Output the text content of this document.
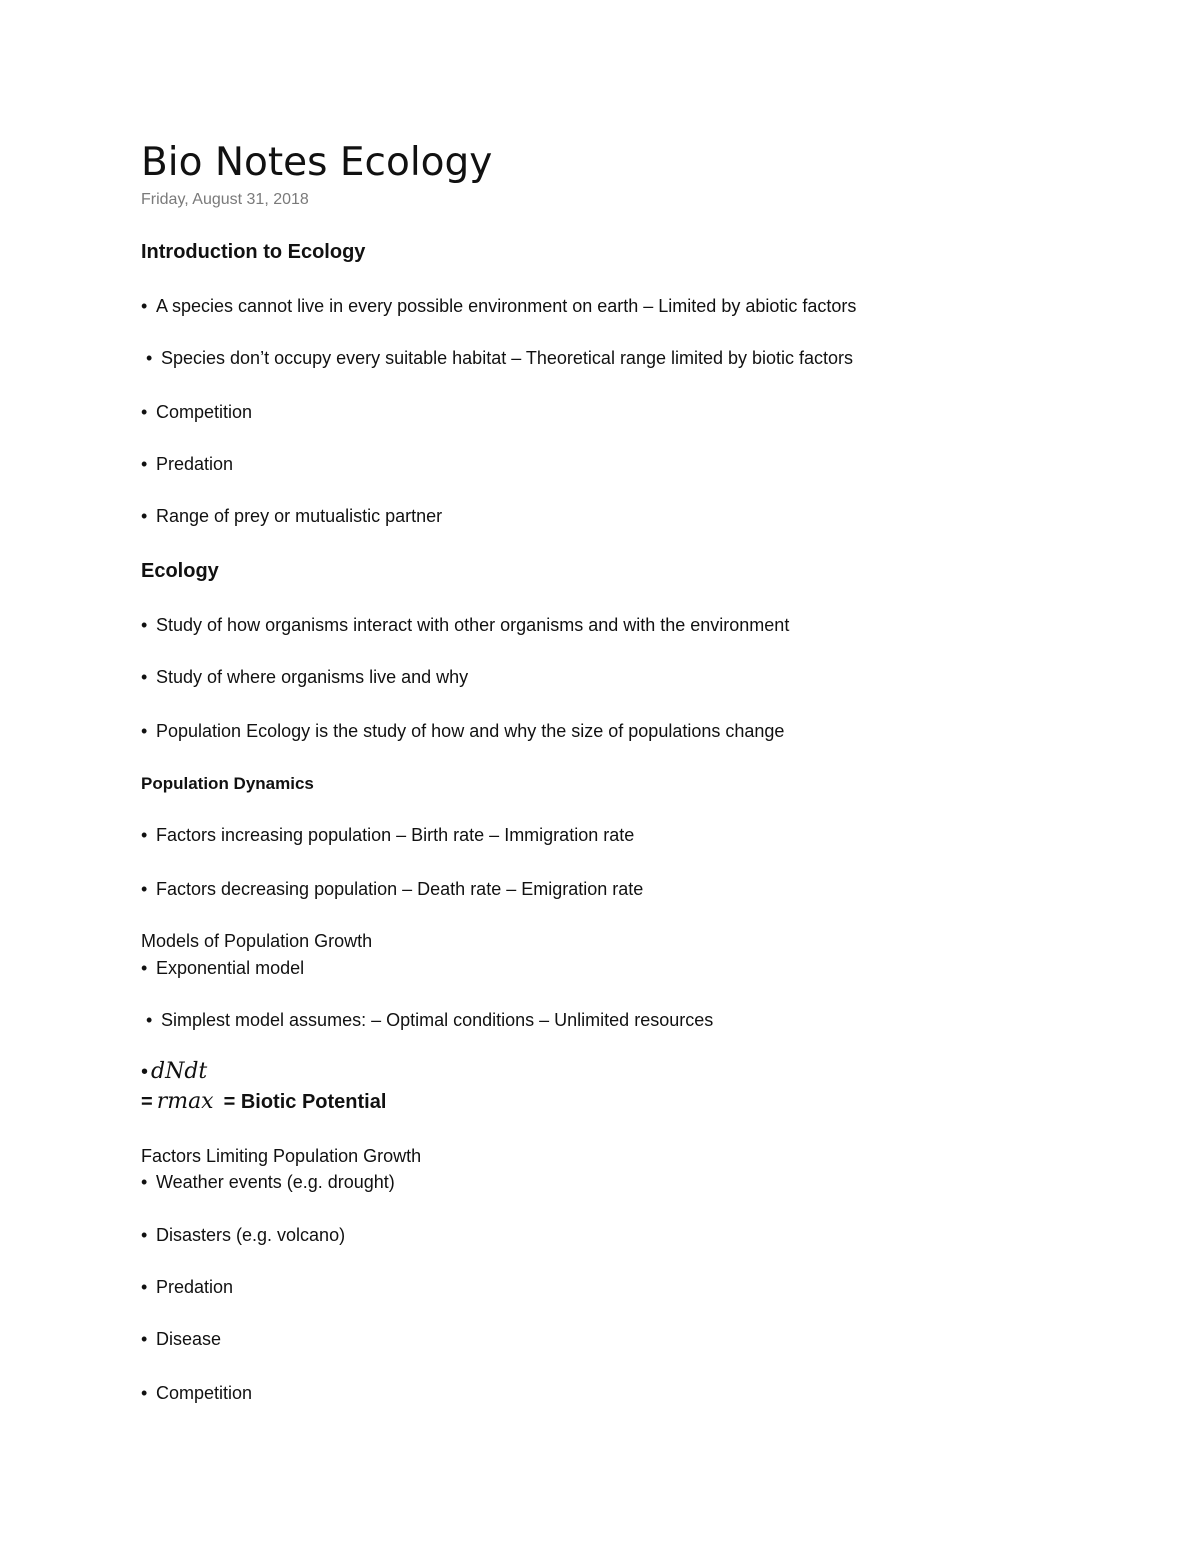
Bio Notes Ecology
Friday, August 31, 2018
Introduction to Ecology
• A species cannot live in every possible environment on earth – Limited by abiotic factors
• Species don’t occupy every suitable habitat – Theoretical range limited by biotic factors
• Competition
• Predation
• Range of prey or mutualistic partner
Ecology
• Study of how organisms interact with other organisms and with the environment
• Study of where organisms live and why
• Population Ecology is the study of how and why the size of populations change
Population Dynamics
• Factors increasing population – Birth rate – Immigration rate
• Factors decreasing population – Death rate – Emigration rate
Models of Population Growth
• Exponential model
• Simplest model assumes: – Optimal conditions – Unlimited resources
• dNdt
= rmax = Biotic Potential
Factors Limiting Population Growth
• Weather events (e.g. drought)
• Disasters (e.g. volcano)
• Predation
• Disease
• Competition
